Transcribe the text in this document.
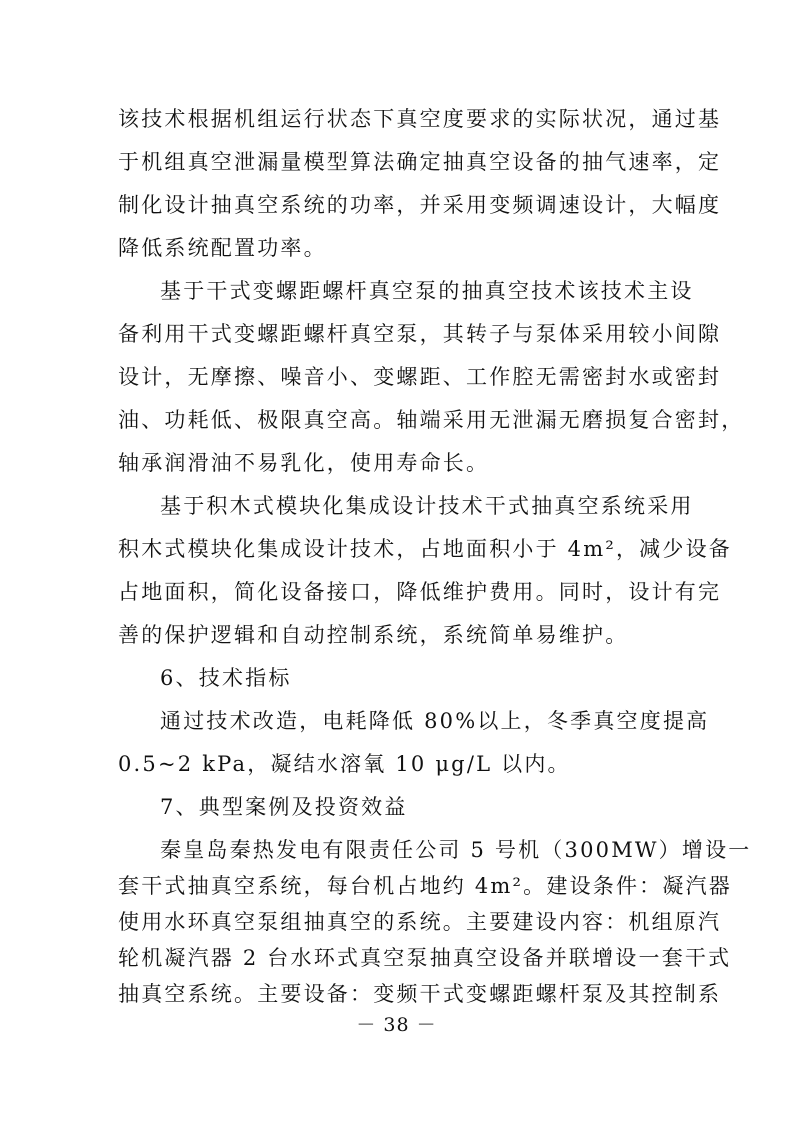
该技术根据机组运行状态下真空度要求的实际状况，通过基
于机组真空泄漏量模型算法确定抽真空设备的抽气速率，定
制化设计抽真空系统的功率，并采用变频调速设计，大幅度
降低系统配置功率。
基于干式变螺距螺杆真空泵的抽真空技术该技术主设
备利用干式变螺距螺杆真空泵，其转子与泵体采用较小间隙
设计，无摩擦、噪音小、变螺距、工作腔无需密封水或密封
油、功耗低、极限真空高。轴端采用无泄漏无磨损复合密封，
轴承润滑油不易乳化，使用寿命长。
基于积木式模块化集成设计技术干式抽真空系统采用
积木式模块化集成设计技术，占地面积小于 4m²，减少设备
占地面积，简化设备接口，降低维护费用。同时，设计有完
善的保护逻辑和自动控制系统，系统简单易维护。
6、技术指标
通过技术改造，电耗降低 80%以上，冬季真空度提高
0.5~2 kPa，凝结水溶氧 10 μg/L 以内。
7、典型案例及投资效益
秦皇岛秦热发电有限责任公司 5 号机（300MW）增设一
套干式抽真空系统，每台机占地约 4m²。建设条件：凝汽器
使用水环真空泵组抽真空的系统。主要建设内容：机组原汽
轮机凝汽器 2 台水环式真空泵抽真空设备并联增设一套干式
－ 38 －
抽真空系统。主要设备：变频干式变螺距螺杆泵及其控制系
